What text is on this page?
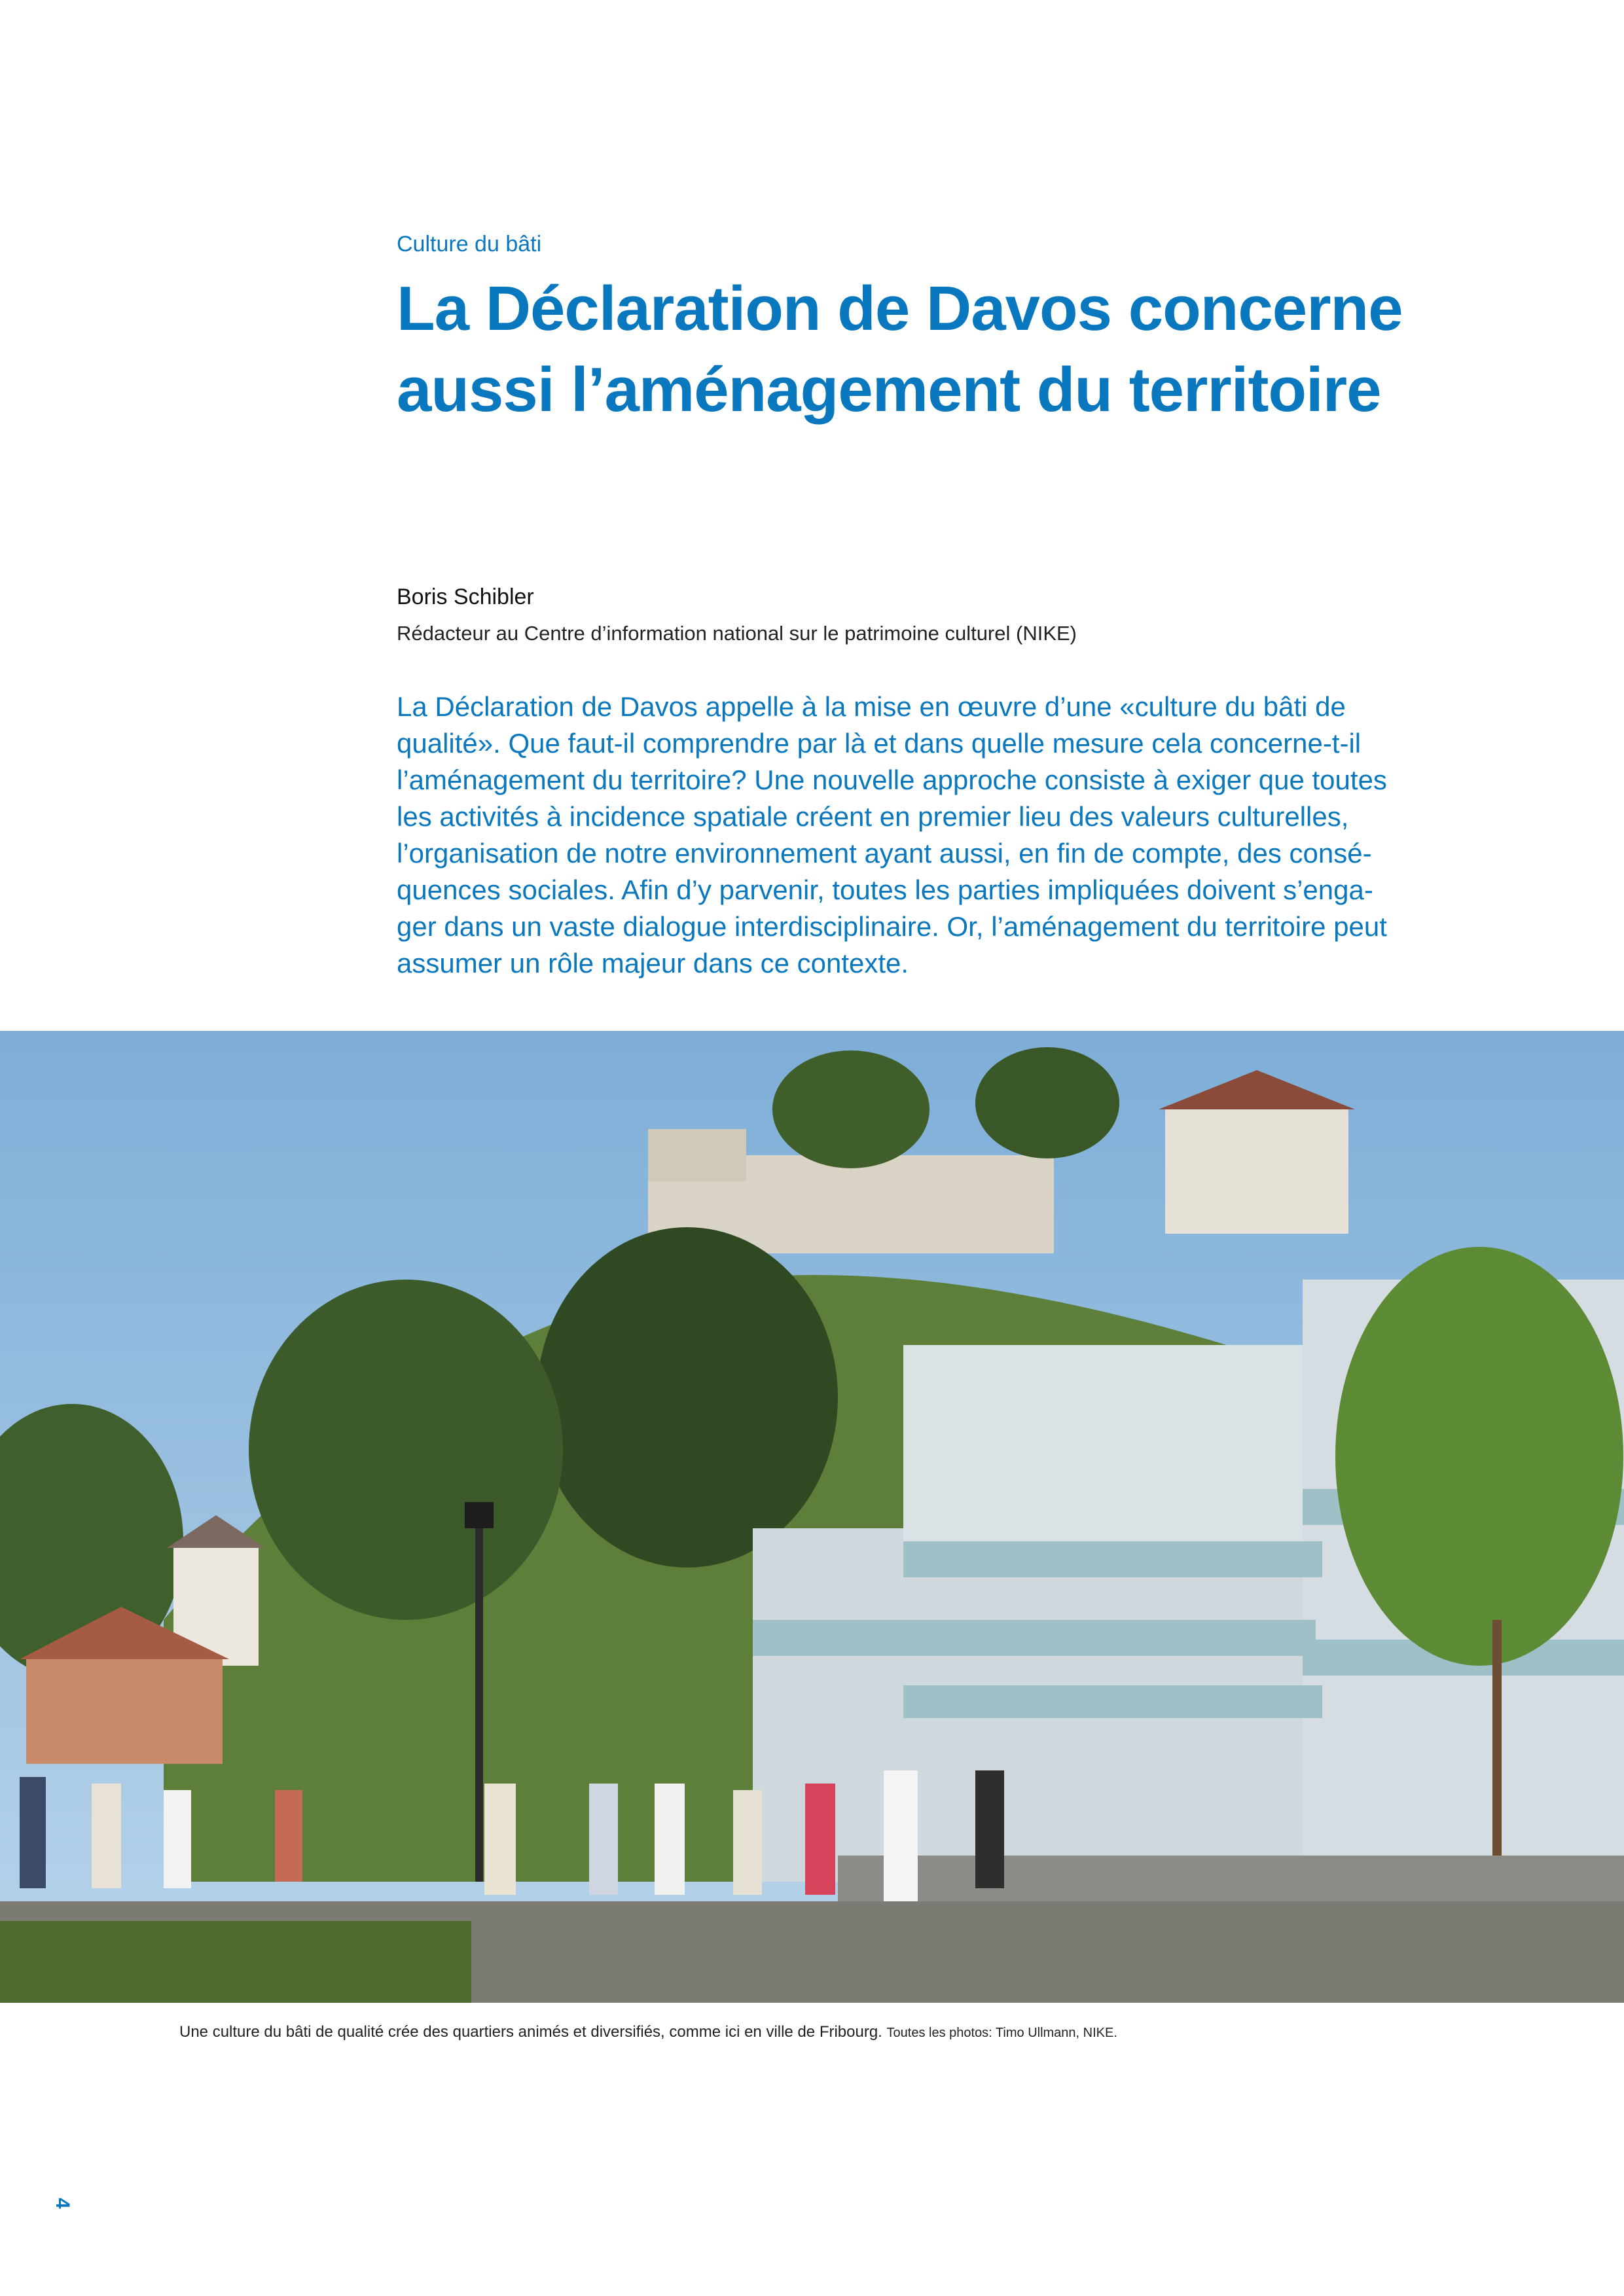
Culture du bâti
La Déclaration de Davos concerne aussi l’aménagement du territoire
Boris Schibler
Rédacteur au Centre d’information national sur le patrimoine culturel (NIKE)
La Déclaration de Davos appelle à la mise en œuvre d’une «culture du bâti de
qualité». Que faut-il comprendre par là et dans quelle mesure cela concerne-t-il
l’aménagement du territoire? Une nouvelle approche consiste à exiger que toutes
les activités à incidence spatiale créent en premier lieu des valeurs culturelles,
l’organisation de notre environnement ayant aussi, en fin de compte, des consé-
quences sociales. Afin d’y parvenir, toutes les parties impliquées doivent s’enga-
ger dans un vaste dialogue interdisciplinaire. Or, l’aménagement du territoire peut
assumer un rôle majeur dans ce contexte.
Une culture du bâti de qualité crée des quartiers animés et diversifiés, comme ici en ville de Fribourg. Toutes les photos: Timo Ullmann, NIKE.
4
